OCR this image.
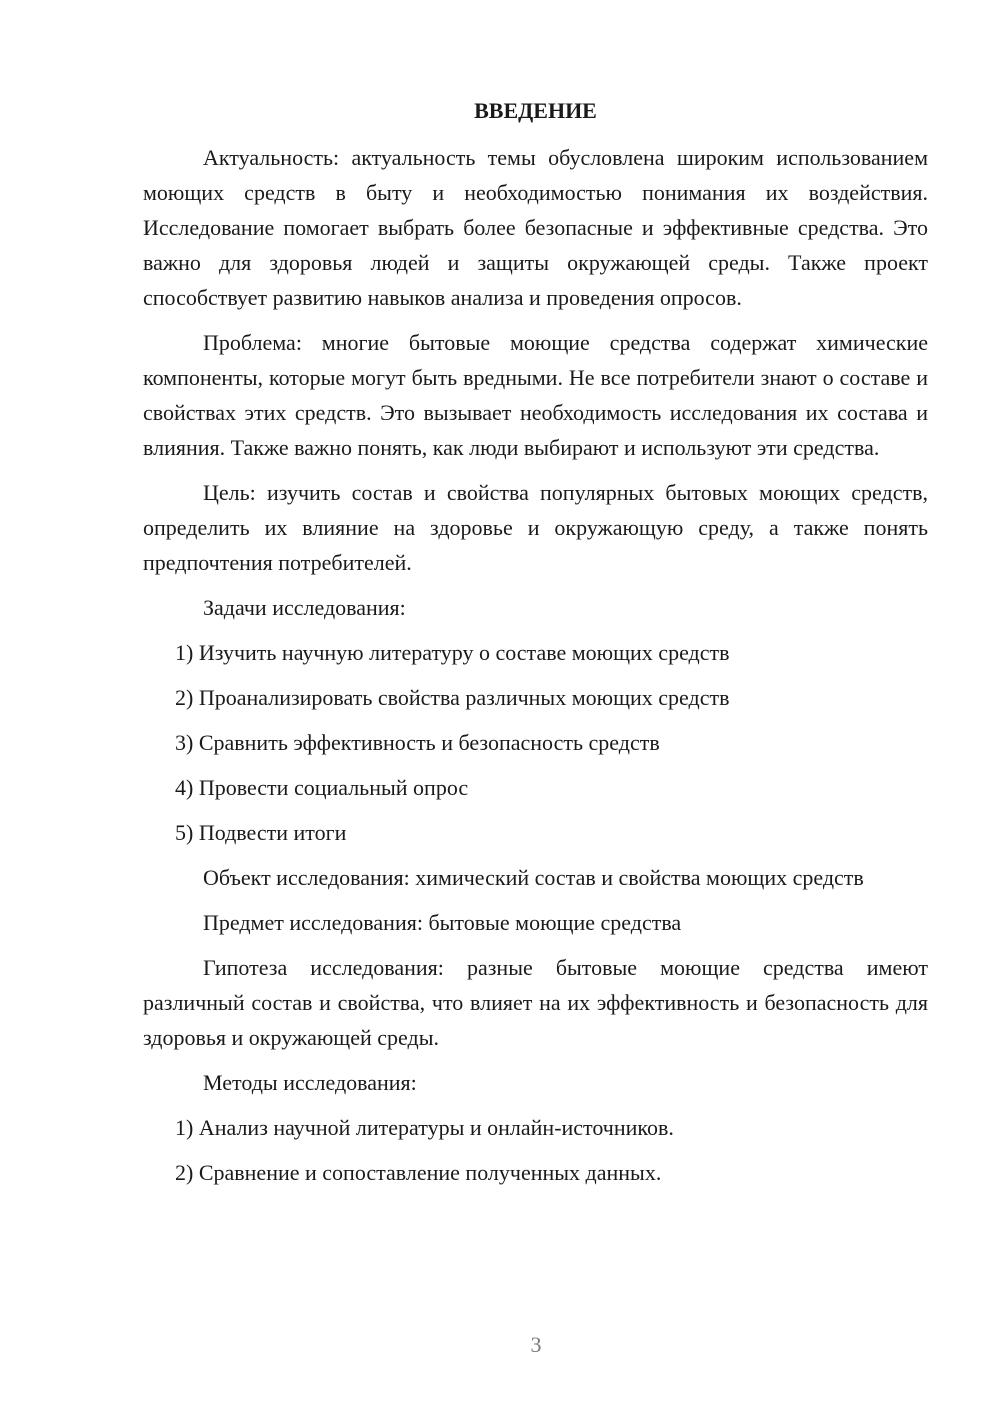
ВВЕДЕНИЕ

Актуальность: актуальность темы обусловлена широким использованием моющих средств в быту и необходимостью понимания их воздействия. Исследование помогает выбрать более безопасные и эффективные средства. Это важно для здоровья людей и защиты окружающей среды. Также проект способствует развитию навыков анализа и проведения опросов.

Проблема: многие бытовые моющие средства содержат химические компоненты, которые могут быть вредными. Не все потребители знают о составе и свойствах этих средств. Это вызывает необходимость исследования их состава и влияния. Также важно понять, как люди выбирают и используют эти средства.

Цель: изучить состав и свойства популярных бытовых моющих средств, определить их влияние на здоровье и окружающую среду, а также понять предпочтения потребителей.

Задачи исследования:

1) Изучить научную литературу о составе моющих средств
2) Проанализировать свойства различных моющих средств
3) Сравнить эффективность и безопасность средств
4) Провести социальный опрос
5) Подвести итоги

Объект исследования: химический состав и свойства моющих средств

Предмет исследования: бытовые моющие средства

Гипотеза исследования: разные бытовые моющие средства имеют различный состав и свойства, что влияет на их эффективность и безопасность для здоровья и окружающей среды.

Методы исследования:

1) Анализ научной литературы и онлайн-источников.
2) Сравнение и сопоставление полученных данных.
3
